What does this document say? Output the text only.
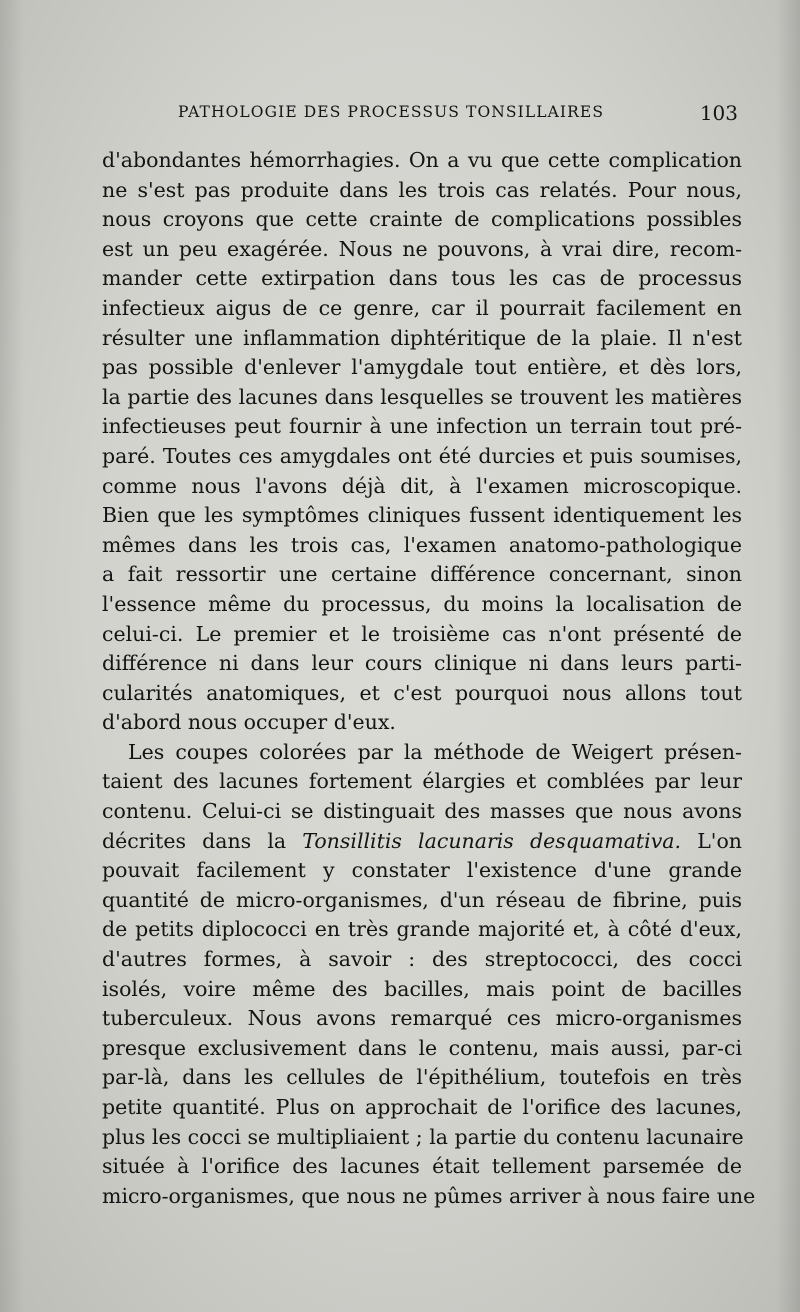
PATHOLOGIE DES PROCESSUS TONSILLAIRES	103
d'abondantes hémorrhagies. On a vu que cette complication
ne s'est pas produite dans les trois cas relatés. Pour nous,
nous croyons que cette crainte de complications possibles
est un peu exagérée. Nous ne pouvons, à vrai dire, recom-
mander cette extirpation dans tous les cas de processus
infectieux aigus de ce genre, car il pourrait facilement en
résulter une inflammation diphtéritique de la plaie. Il n'est
pas possible d'enlever l'amygdale tout entière, et dès lors,
la partie des lacunes dans lesquelles se trouvent les matières
infectieuses peut fournir à une infection un terrain tout pré-
paré. Toutes ces amygdales ont été durcies et puis soumises,
comme nous l'avons déjà dit, à l'examen microscopique.
Bien que les symptômes cliniques fussent identiquement les
mêmes dans les trois cas, l'examen anatomo-pathologique
a fait ressortir une certaine différence concernant, sinon
l'essence même du processus, du moins la localisation de
celui-ci. Le premier et le troisième cas n'ont présenté de
différence ni dans leur cours clinique ni dans leurs parti-
cularités anatomiques, et c'est pourquoi nous allons tout
d'abord nous occuper d'eux.
Les coupes colorées par la méthode de Weigert présen-
taient des lacunes fortement élargies et comblées par leur
contenu. Celui-ci se distinguait des masses que nous avons
décrites dans la Tonsillitis lacunaris desquamativa. L'on
pouvait facilement y constater l'existence d'une grande
quantité de micro-organismes, d'un réseau de fibrine, puis
de petits diplococci en très grande majorité et, à côté d'eux,
d'autres formes, à savoir : des streptococci, des cocci
isolés, voire même des bacilles, mais point de bacilles
tuberculeux. Nous avons remarqué ces micro-organismes
presque exclusivement dans le contenu, mais aussi, par-ci
par-là, dans les cellules de l'épithélium, toutefois en très
petite quantité. Plus on approchait de l'orifice des lacunes,
plus les cocci se multipliaient ; la partie du contenu lacunaire
située à l'orifice des lacunes était tellement parsemée de
micro-organismes, que nous ne pûmes arriver à nous faire une
